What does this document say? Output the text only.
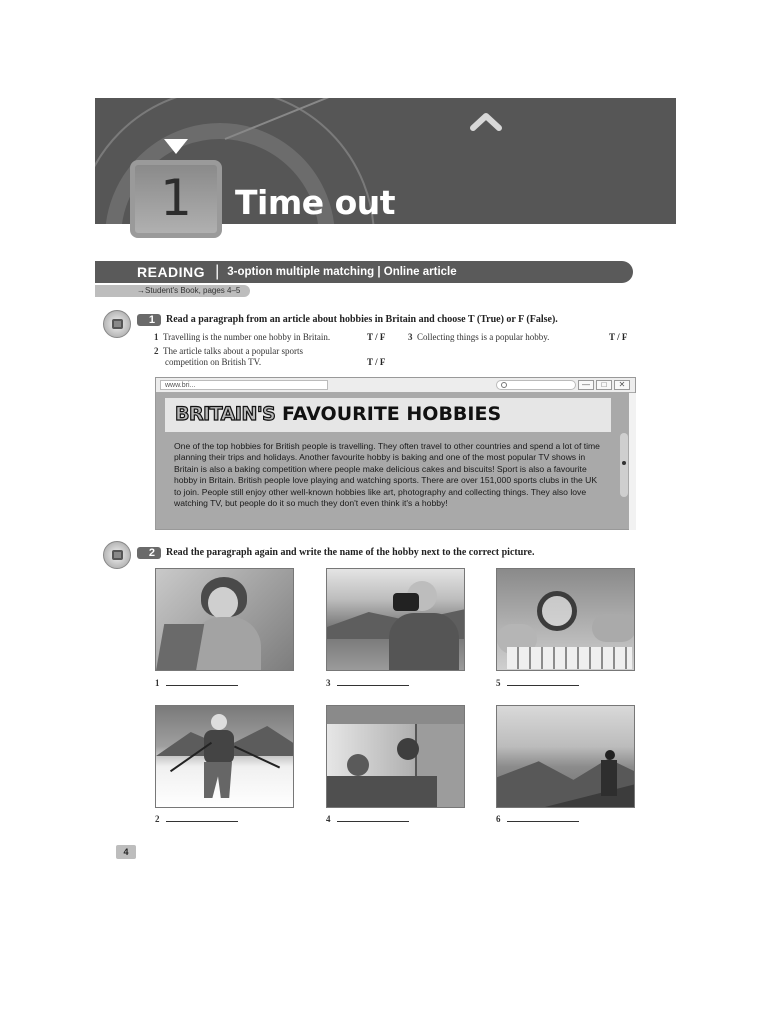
1	Time out
READING | 3-option multiple matching | Online article
→Student's Book, pages 4–5
1	Read a paragraph from an article about hobbies in Britain and choose T (True) or F (False).
1 Travelling is the number one hobby in Britain.	T / F
2 The article talks about a popular sports
competition on British TV.	T / F
3 Collecting things is a popular hobby.	T / F
www.bri...	—	□	✕
BRITAIN'S FAVOURITE HOBBIES
One of the top hobbies for British people is travelling. They often travel to other countries and spend a lot of time planning their trips and holidays. Another favourite hobby is baking and one of the most popular TV shows in Britain is also a baking competition where people make delicious cakes and biscuits! Sport is also a favourite hobby in Britain. British people love playing and watching sports. There are over 151,000 sports clubs in the UK to join. People still enjoy other well-known hobbies like art, photography and collecting things. They also love watching TV, but people do it so much they don't even think it's a hobby!
2	Read the paragraph again and write the name of the hobby next to the correct picture.
1	3	5
2	4	6
4
